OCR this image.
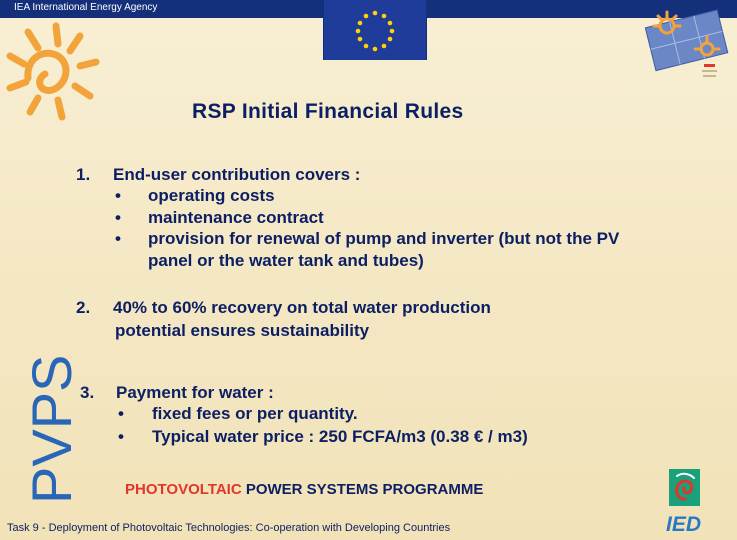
IEA International Energy Agency
RSP Initial Financial Rules
PVPS
1. End-user contribution covers :
• operating costs
• maintenance contract
• provision for renewal of pump and inverter (but not the PV
panel or the water tank and tubes)
2. 40% to 60% recovery on total water production
potential ensures sustainability
3. Payment for water :
• fixed fees or per quantity.
• Typical water price : 250 FCFA/m3 (0.38 € / m3)
PHOTOVOLTAIC POWER SYSTEMS PROGRAMME
Task 9 - Deployment of Photovoltaic Technologies: Co-operation with Developing Countries	IED
